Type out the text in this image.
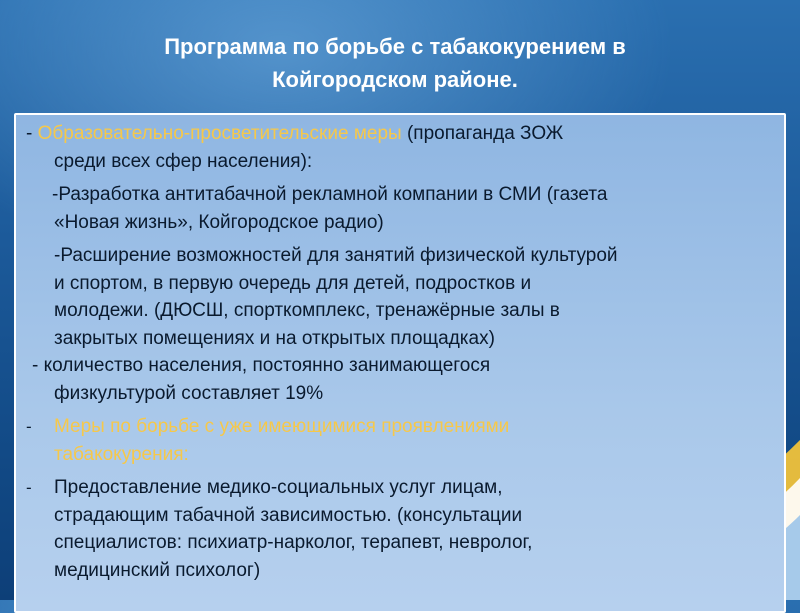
Программа по борьбе с табакокурением в
Койгородском районе.
- Образовательно-просветительские меры (пропаганда ЗОЖ
среди всех сфер населения):
-Разработка антитабачной рекламной компании в СМИ (газета
«Новая жизнь», Койгородское радио)
-Расширение возможностей для занятий физической культурой
и спортом, в первую очередь для детей, подростков и
молодежи. (ДЮСШ, спорткомплекс, тренажёрные залы в
закрытых помещениях и на открытых площадках)
- количество населения, постоянно занимающегося
физкультурой составляет 19%
- Меры по борьбе с уже имеющимися проявлениями
табакокурения:
- Предоставление медико-социальных услуг лицам,
страдающим табачной зависимостью. (консультации
специалистов: психиатр-нарколог, терапевт, невролог,
медицинский психолог)
